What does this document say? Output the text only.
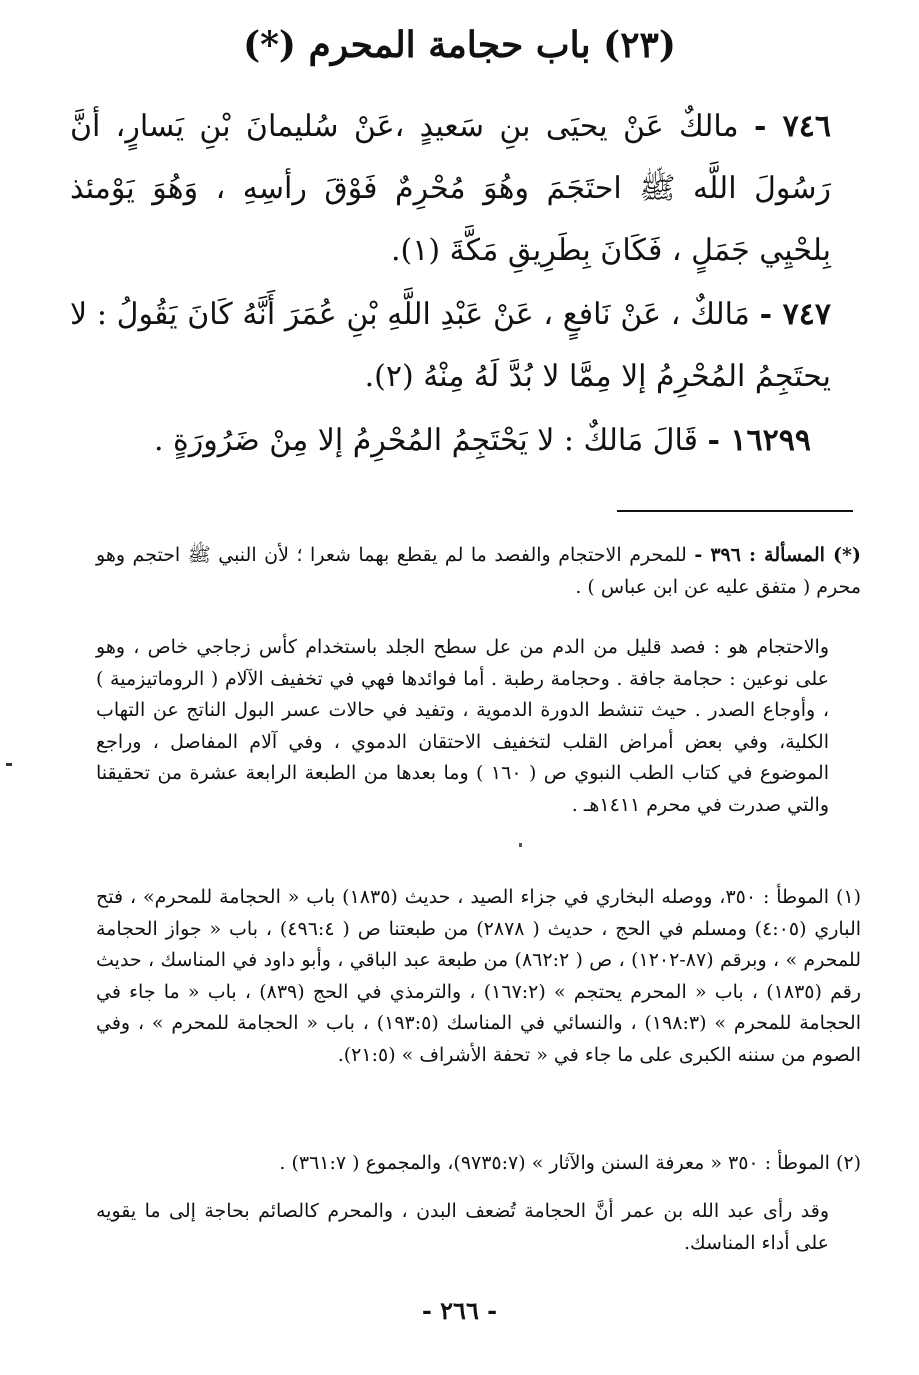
(٢٣) باب حجامة المحرم (*)
٧٤٦ - مالكٌ عَنْ يحيَى بنِ سَعيدٍ ،عَنْ سُليمانَ بْنِ يَسارٍ، أنَّ رَسُولَ اللَّه ﷺ احتَجَمَ وهُوَ مُحْرِمٌ فَوْقَ رأسِهِ ، وَهُوَ يَوْمئذ بِلحْيِي جَمَلٍ ، فَكَانَ بِطَرِيقِ مَكَّةَ (١).
٧٤٧ - مَالكٌ ، عَنْ نَافعٍ ، عَنْ عَبْدِ اللَّهِ بْنِ عُمَرَ أَنَّهُ كَانَ يَقُولُ : لا يحتَجِمُ المُحْرِمُ إلا مِمَّا لا بُدَّ لَهُ مِنْهُ (٢).
١٦٢٩٩ - قَالَ مَالكٌ : لا يَحْتَجِمُ المُحْرِمُ إلا مِنْ ضَرُورَةٍ .
(*) المسألة : ٣٩٦ - للمحرم الاحتجام والفصد ما لم يقطع بهما شعرا ؛ لأن النبي ﷺ احتجم وهو محرم ( متفق عليه عن ابن عباس ) .
والاحتجام هو : فصد قليل من الدم من عل سطح الجلد باستخدام كأس زجاجي خاص ، وهو على نوعين : حجامة جافة . وحجامة رطبة . أما فوائدها فهي في تخفيف الآلام ( الروماتيزمية ) ، وأوجاع الصدر . حيث تنشط الدورة الدموية ، وتفيد في حالات عسر البول الناتج عن التهاب الكلية، وفي بعض أمراض القلب لتخفيف الاحتقان الدموي ، وفي آلام المفاصل ، وراجع الموضوع في كتاب الطب النبوي ص ( ١٦٠ ) وما بعدها من الطبعة الرابعة عشرة من تحقيقنا والتي صدرت في محرم ١٤١١هـ .
(١) الموطأ : ٣٥٠، ووصله البخاري في جزاء الصيد ، حديث (١٨٣٥) باب « الحجامة للمحرم» ، فتح الباري (٤:٠٥) ومسلم في الحج ، حديث ( ٢٨٧٨) من طبعتنا ص ( ٤٩٦:٤) ، باب « جواز الحجامة للمحرم » ، وبرقم (٨٧-١٢٠٢) ، ص ( ٨٦٢:٢) من طبعة عبد الباقي ، وأبو داود في المناسك ، حديث رقم (١٨٣٥) ، باب « المحرم يحتجم » (١٦٧:٢) ، والترمذي في الحج (٨٣٩) ، باب « ما جاء في الحجامة للمحرم » (١٩٨:٣) ، والنسائي في المناسك (١٩٣:٥) ، باب « الحجامة للمحرم » ، وفي الصوم من سننه الكبرى على ما جاء في « تحفة الأشراف » (٢١:٥).
(٢) الموطأ : ٣٥٠ « معرفة السنن والآثار » (٩٧٣٥:٧)، والمجموع ( ٣٦١:٧) .
وقد رأى عبد الله بن عمر أنَّ الحجامة تُضعف البدن ، والمحرم كالصائم بحاجة إلى ما يقويه على أداء المناسك.
- ٢٦٦ -
